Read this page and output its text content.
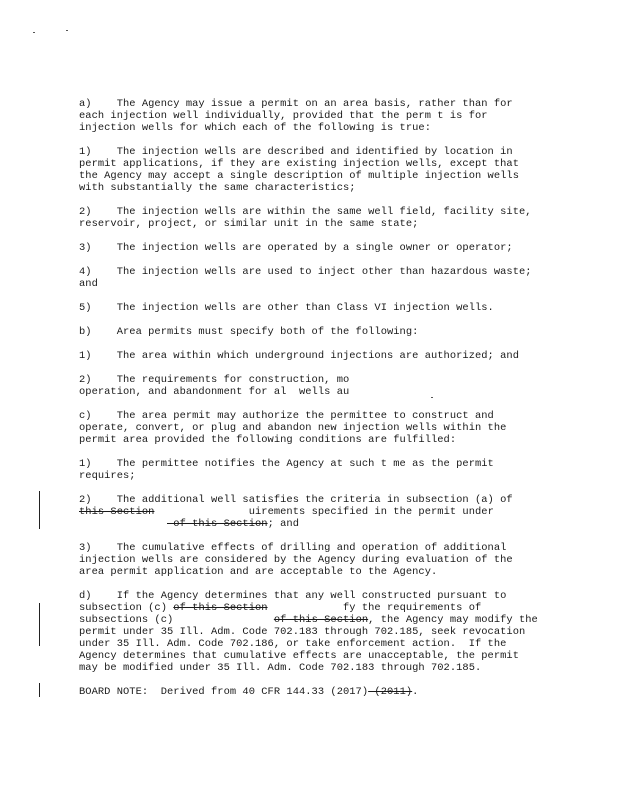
a)    The Agency may issue a permit on an area basis, rather than for
each injection well individually, provided that the perm t is for
injection wells for which each of the following is true:
1)    The injection wells are described and identified by location in
permit applications, if they are existing injection wells, except that
the Agency may accept a single description of multiple injection wells
with substantially the same characteristics;
2)    The injection wells are within the same well field, facility site,
reservoir, project, or similar unit in the same state;
3)    The injection wells are operated by a single owner or operator;
4)    The injection wells are used to inject other than hazardous waste;
and
5)    The injection wells are other than Class VI injection wells.
b)    Area permits must specify both of the following:
1)    The area within which underground injections are authorized; and
2)    The requirements for construction, mo
operation, and abandonment for al  wells au
c)    The area permit may authorize the permittee to construct and
operate, convert, or plug and abandon new injection wells within the
permit area provided the following conditions are fulfilled:
1)    The permittee notifies the Agency at such t me as the permit
requires;
2)    The additional well satisfies the criteria in subsection (a) of
this Section               uirements specified in the permit under
of this Section; and
3)    The cumulative effects of drilling and operation of additional
injection wells are considered by the Agency during evaluation of the
area permit application and are acceptable to the Agency.
d)    If the Agency determines that any well constructed pursuant to
subsection (c) of this Section            fy the requirements of
subsections (c)                of this Section, the Agency may modify the
permit under 35 Ill. Adm. Code 702.183 through 702.185, seek revocation
under 35 Ill. Adm. Code 702.186, or take enforcement action.  If the
Agency determines that cumulative effects are unacceptable, the permit
may be modified under 35 Ill. Adm. Code 702.183 through 702.185.
BOARD NOTE:  Derived from 40 CFR 144.33 (2017) (2011).
